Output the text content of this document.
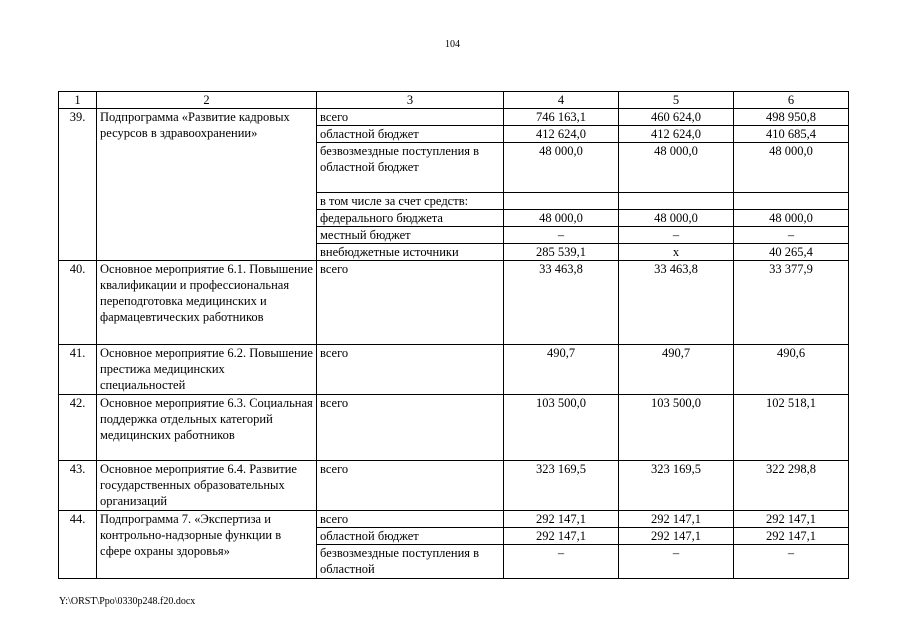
104
1	2	3	4	5	6
39.	Подпрограмма «Развитие кадровых ресурсов в здравоохранении»	всего	746 163,1	460 624,0	498 950,8
		областной бюджет	412 624,0	412 624,0	410 685,4
		безвозмездные поступления в областной бюджет	48 000,0	48 000,0	48 000,0
		в том числе за счет средств:			
		федерального бюджета	48 000,0	48 000,0	48 000,0
		местный бюджет	–	–	–
		внебюджетные источники	285 539,1	х	40 265,4
40.	Основное мероприятие 6.1. Повышение квалификации и профессиональная переподготовка медицинских и фармацевтических работников	всего	33 463,8	33 463,8	33 377,9
41.	Основное мероприятие 6.2. Повышение престижа медицинских специальностей	всего	490,7	490,7	490,6
42.	Основное мероприятие 6.3. Социальная поддержка отдельных категорий медицинских работников	всего	103 500,0	103 500,0	102 518,1
43.	Основное мероприятие 6.4. Развитие государственных образовательных организаций	всего	323 169,5	323 169,5	322 298,8
44.	Подпрограмма 7. «Экспертиза и контрольно-надзорные функции в сфере охраны здоровья»	всего	292 147,1	292 147,1	292 147,1
		областной бюджет	292 147,1	292 147,1	292 147,1
		безвозмездные поступления в областной	–	–	–
Y:\ORST\Ppo\0330p248.f20.docx
